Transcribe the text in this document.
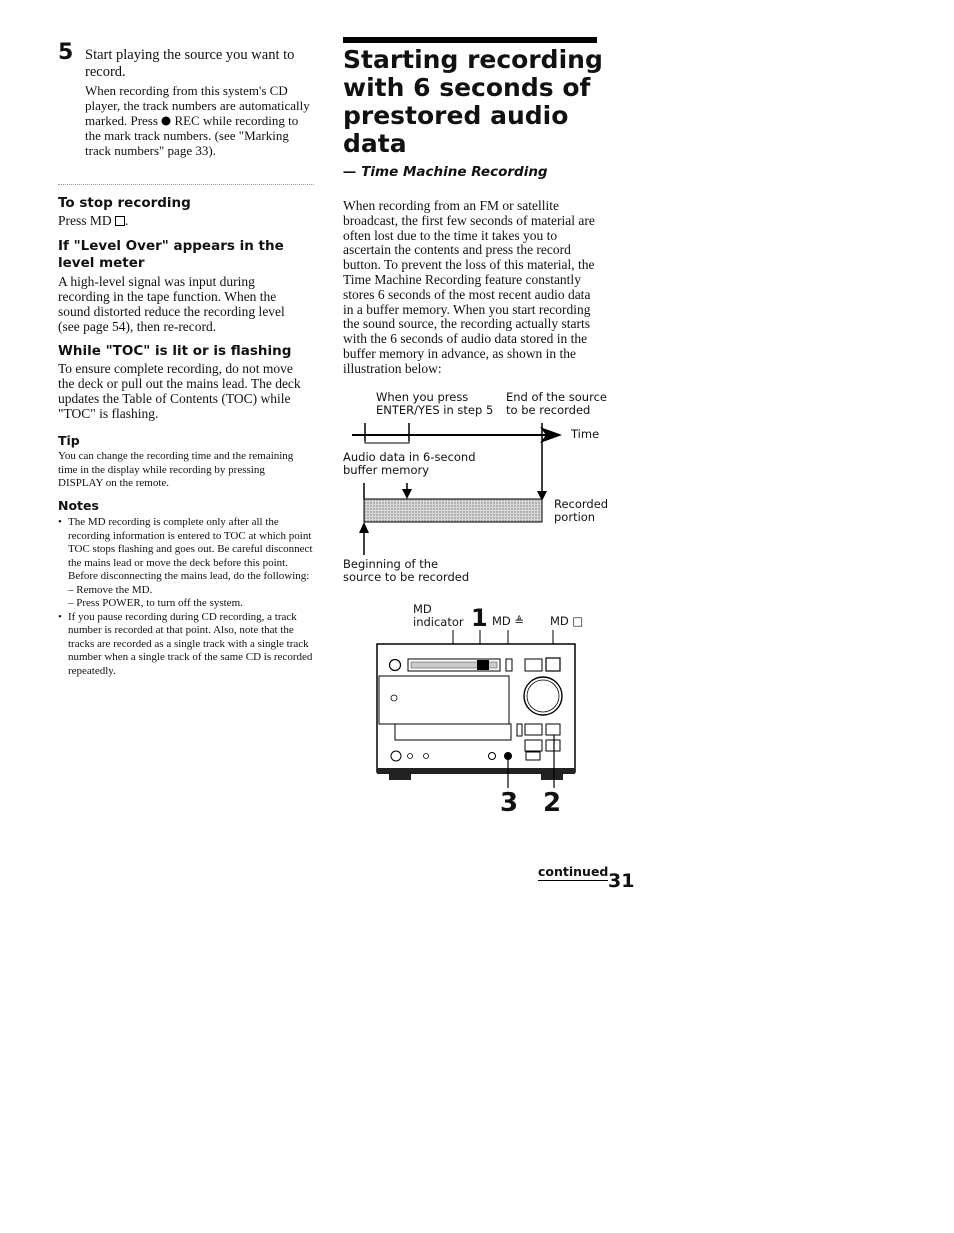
5 Start playing the source you want to record.
When recording from this system's CD player, the track numbers are automatically marked. Press  REC while recording to the mark track numbers. (see "Marking track numbers" page 33).
To stop recording
Press MD .
If "Level Over" appears in the level meter
A high-level signal was input during recording in the tape function. When the sound distorted reduce the recording level (see page 54), then re-record.
While "TOC" is lit or is flashing
To ensure complete recording, do not move the deck or pull out the mains lead. The deck updates the Table of Contents (TOC) while "TOC" is flashing.
Tip
You can change the recording time and the remaining time in the display while recording by pressing DISPLAY on the remote.
Notes
• The MD recording is complete only after all the recording information is entered to TOC at which point TOC stops flashing and goes out. Be careful disconnect the mains lead or move the deck before this point. Before disconnecting the mains lead, do the following:
– Remove the MD.
– Press POWER, to turn off the system.
• If you pause recording during CD recording, a track number is recorded at that point. Also, note that the tracks are recorded as a single track with a single track number when a single track of the same CD is recorded repeatedly.
Starting recording with 6 seconds of prestored audio data
— Time Machine Recording
When recording from an FM or satellite broadcast, the first few seconds of material are often lost due to the time it takes you to ascertain the contents and press the record button. To prevent the loss of this material, the Time Machine Recording feature constantly stores 6 seconds of the most recent audio data in a buffer memory. When you start recording the sound source, the recording actually starts with the 6 seconds of audio data stored in the buffer memory in advance, as shown in the illustration below:
When you press
ENTER/YES in step 5
End of the source
to be recorded
Time
Audio data in 6-second
buffer memory
Recorded
portion
Beginning of the
source to be recorded
MD
indicator 1 MD ≜ MD □
3 2
continued 31
